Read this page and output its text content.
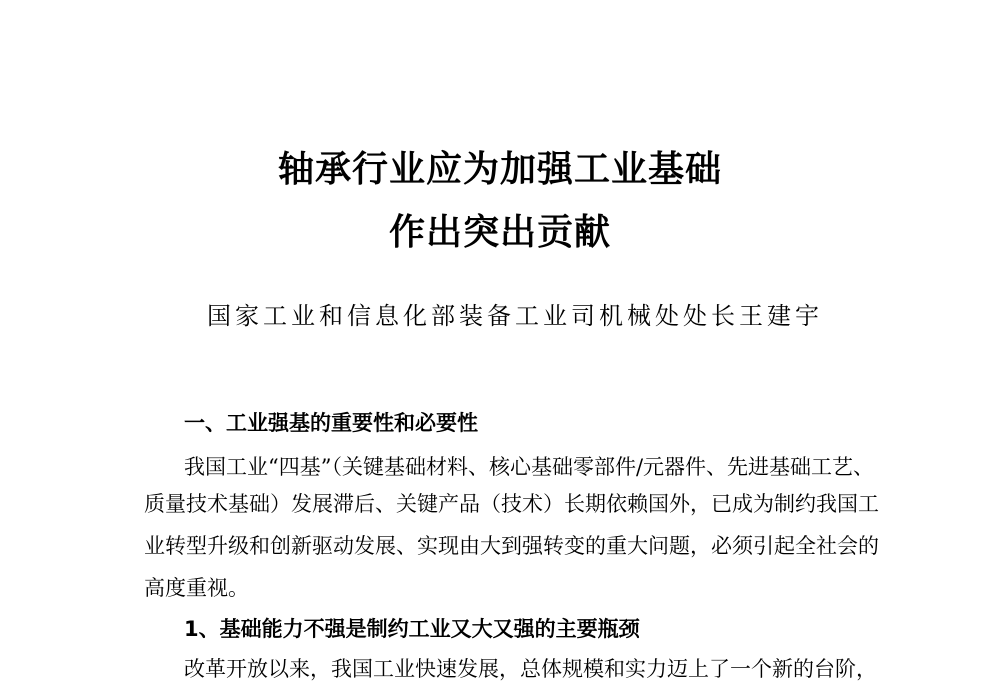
轴承行业应为加强工业基础
作出突出贡献
国家工业和信息化部装备工业司机械处处长王建宇
一、工业强基的重要性和必要性
我国工业“四基”（关键基础材料、核心基础零部件/元器件、先进基础工艺、
质量技术基础）发展滞后、关键产品（技术）长期依赖国外，已成为制约我国工
业转型升级和创新驱动发展、实现由大到强转变的重大问题，必须引起全社会的
高度重视。
1、基础能力不强是制约工业又大又强的主要瓶颈
改革开放以来，我国工业快速发展，总体规模和实力迈上了一个新的台阶，
